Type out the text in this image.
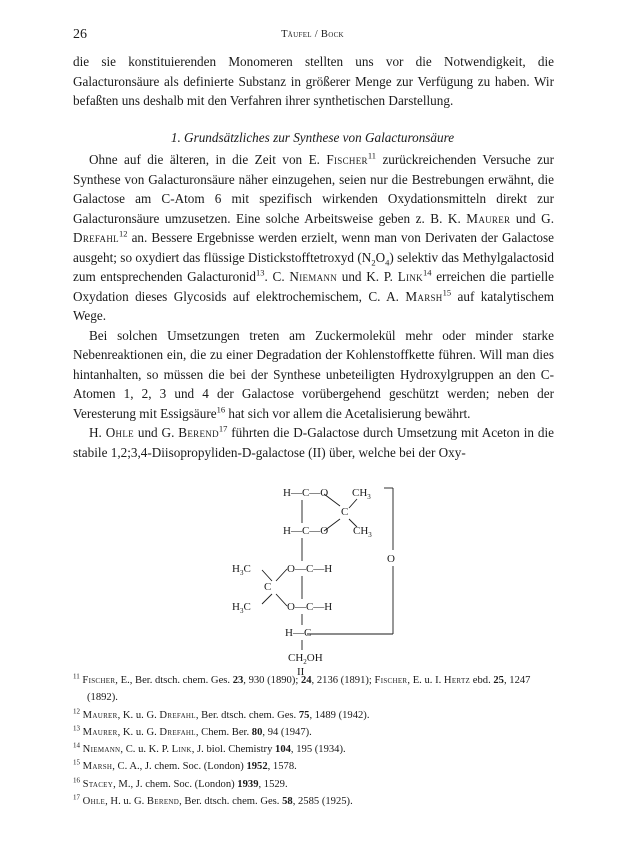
26	Täufel / Bock

die sie konstituierenden Monomeren stellten uns vor die Notwendigkeit, die Galacturonsäure als definierte Substanz in größerer Menge zur Verfügung zu haben. Wir befaßten uns deshalb mit den Verfahren ihrer synthetischen Darstellung.

1. Grundsätzliches zur Synthese von Galacturonsäure

Ohne auf die älteren, in die Zeit von E. Fischer$^{11}$ zurückreichenden Versuche zur Synthese von Galacturonsäure näher einzugehen, seien nur die Bestrebungen erwähnt, die Galactose am C-Atom 6 mit spezifisch wirkenden Oxydationsmitteln direkt zur Galacturonsäure umzusetzen. Eine solche Arbeitsweise geben z. B. K. Maurer und G. Drefahl$^{12}$ an. Bessere Ergebnisse werden erzielt, wenn man von Derivaten der Galactose ausgeht; so oxydiert das flüssige Distickstofftetroxyd $(N_2O_4)$ selektiv das Methylgalactosid zum entsprechenden Galacturonid$^{13}$. C. Niemann und K. P. Link$^{14}$ erreichen die partielle Oxydation dieses Glycosids auf elektrochemischem, C. A. Marsh$^{15}$ auf katalytischem Wege.

Bei solchen Umsetzungen treten am Zuckermolekül mehr oder minder starke Nebenreaktionen ein, die zu einer Degradation der Kohlenstoffkette führen. Will man dies hintanhalten, so müssen die bei der Synthese unbeteiligten Hydroxylgruppen an den C-Atomen 1, 2, 3 und 4 der Galactose vorübergehend geschützt werden; neben der Veresterung mit Essigsäure$^{16}$ hat sich vor allem die Acetalisierung bewährt.

H. Ohle und G. Berend$^{17}$ führten die D-Galactose durch Umsetzung mit Aceton in die stabile 1,2;3,4-Diisopropyliden-D-galactose (II) über, welche bei der Oxy-

H—C—O $CH_3$
C
H—C—O $CH_3$
O
$H_3C$	O—C—H
C
$H_3C$	O—C—H
H—C
$CH_2OH$
II

$^{11}$ Fischer, E., Ber. dtsch. chem. Ges. 23, 930 (1890); 24, 2136 (1891); Fischer, E. u. I. Hertz ebd. 25, 1247 (1892).

$^{12}$ Maurer, K. u. G. Drefahl, Ber. dtsch. chem. Ges. 75, 1489 (1942).

$^{13}$ Maurer, K. u. G. Drefahl, Chem. Ber. 80, 94 (1947).

$^{14}$ Niemann, C. u. K. P. Link, J. biol. Chemistry 104, 195 (1934).

$^{15}$ Marsh, C. A., J. chem. Soc. (London) 1952, 1578.

$^{16}$ Stacey, M., J. chem. Soc. (London) 1939, 1529.

$^{17}$ Ohle, H. u. G. Berend, Ber. dtsch. chem. Ges. 58, 2585 (1925).
